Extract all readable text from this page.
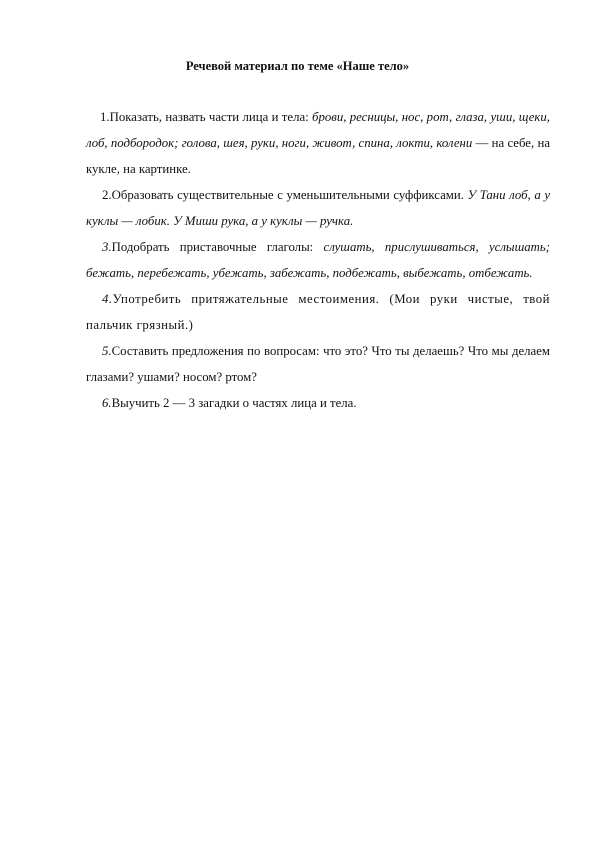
Речевой материал по теме «Наше тело»

1.Показать, назвать части лица и тела: брови, ресницы, нос, рот, глаза, уши, щеки, лоб, подбородок; голова, шея, руки, ноги, живот, спина, локти, колени — на себе, на кукле, на картинке.

2.Образовать существительные с уменьшительными суффиксами. У Тани лоб, а у куклы — лобик. У Миши рука, а у куклы — ручка.

3.Подобрать приставочные глаголы: слушать, прислушиваться, услышать; бежать, перебежать, убежать, забежать, подбежать, выбежать, отбежать.

4.Употребить притяжательные местоимения. (Мои руки чистые, твой пальчик грязный.)

5.Составить предложения по вопросам: что это? Что ты делаешь? Что мы делаем глазами? ушами? носом? ртом?

6.Выучить 2 — 3 загадки о частях лица и тела.
